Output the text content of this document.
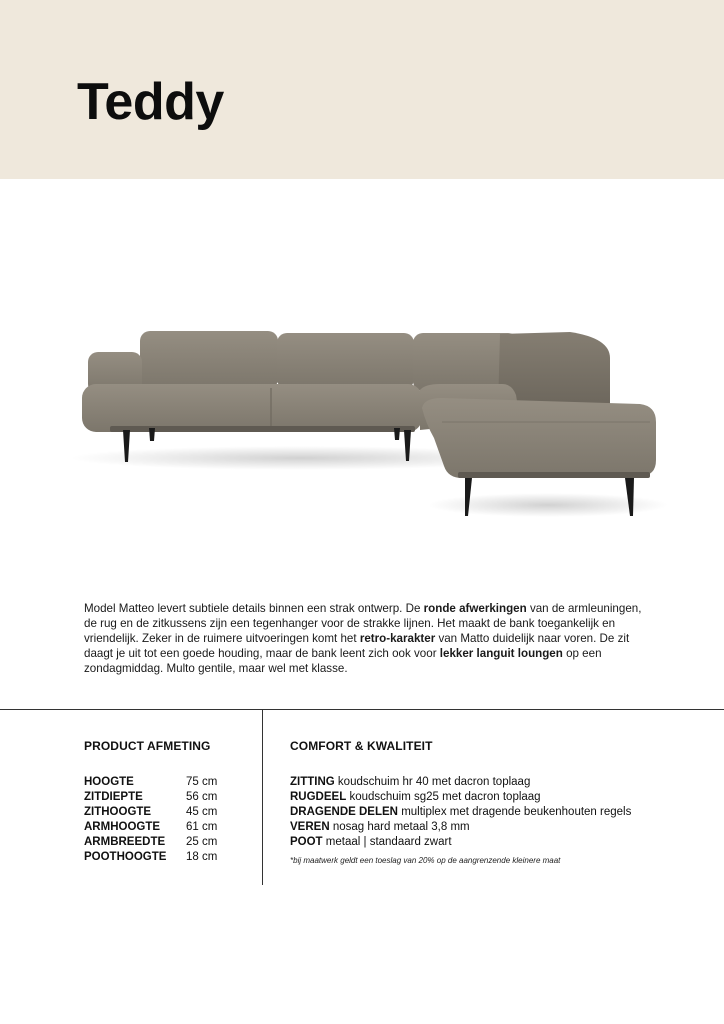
Teddy

Model Matteo levert subtiele details binnen een strak ontwerp. De ronde afwerkingen van de armleuningen, de rug en de zitkussens zijn een tegenhanger voor de strakke lijnen. Het maakt de bank toegankelijk en vriendelijk. Zeker in de ruimere uitvoeringen komt het retro-karakter van Matto duidelijk naar voren. De zit daagt je uit tot een goede houding, maar de bank leent zich ook voor lekker languit loungen op een zondagmiddag. Multo gentile, maar wel met klasse.

PRODUCT AFMETING
HOOGTE	75 cm
ZITDIEPTE	56 cm
ZITHOOGTE	45 cm
ARMHOOGTE	61 cm
ARMBREEDTE	25 cm
POOTHOOGTE	18 cm
COMFORT & KWALITEIT
ZITTING koudschuim hr 40 met dacron toplaag
RUGDEEL koudschuim sg25 met dacron toplaag
DRAGENDE DELEN multiplex met dragende beukenhouten regels
VEREN nosag hard metaal 3,8 mm
POOT metaal | standaard zwart

*bij maatwerk geldt een toeslag van 20% op de aangrenzende kleinere maat
